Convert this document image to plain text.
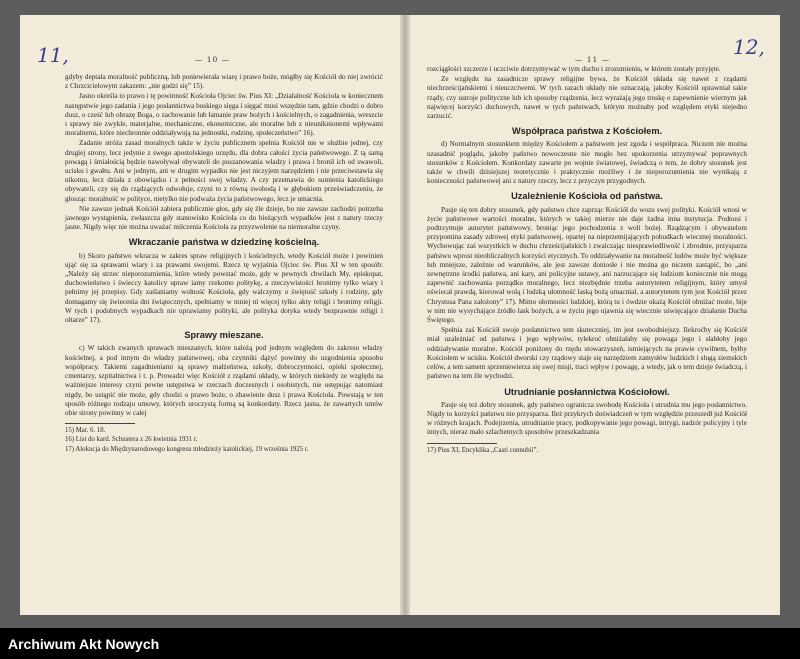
11,	— 10 —

gdyby deptała moralność publiczną, lub poniewierała wiarę i prawo boże, mógłby się Kościół do niej zwrócić z Chrzcicielowym zakazem: „nie godzi się” 15).

Jasno określa to prawo i tę powinność Kościoła Ojciec św. Pius XI: „Działalność Kościoła w koniecznem następstwie jego zadania i jego posłannictwa boskiego sięga i sięgać musi wszędzie tam, gdzie chodzi o dobro dusz, o cześć lub obrazę Boga, o zachowanie lub łamanie praw bożych i kościelnych, o zagadnienia, wreszcie i sprawy nie zwykle, materjalne, mechaniczne, ekonomiczne, ale moralne lub z nieuniknionemi wpływami moralnemi, które niechronnie oddziaływują na jednostki, rodzinę, społeczeństwo” 16).

Zadanie stróża zasad moralnych także w życiu publicznem spełnia Kościół nie w służbie jednej, czy drugiej strony, lecz jedynie z swego apostolskiego urzędu, dla dobra całości życia państwowego. Z tą samą powagą i śmiałością będzie nawoływał obywateli do poszanowania władzy i prawa i bronił ich od swawoli, ucisku i gwałtu. Ani w jednym, ani w drugim wypadku nie jest niczyjem narzędziem i nie przeciwstawia się nikomu, lecz działa z obowiązku i z pełności swej władzy. A czy przemawia do sumienia katolickiego obywateli, czy się do rządzących odwołuje, czyni to z równą swobodą i w głębokiem przeświadczeniu, że głosząc moralność w polityce, nietylko nie podważa życia państwowego, lecz je umacnia.

Nie zawsze jednak Kościół zabiera publicznie głos, gdy się źle dzieje, bo nie zawsze zachodzi potrzeba jawnego wystąpienia, zwłaszcza gdy stanowisko Kościoła co do bieżących wypadków jest z natury rzeczy jasne. Nigdy więc nie można uważać milczenia Kościoła za przyzwolenie na niemoralne czyny.

Wkraczanie państwa w dziedzinę kościelną.

b) Skoro państwo wkracza w zakres spraw religijnych i kościelnych, wtedy Kościół może i powinien ująć się za sprawami wiary i za prawami swojemi. Rzecz tę wyjaśnia Ojciec św. Pius XI w ten sposób: „Należy się strzec nieporozumienia, które wtedy powstać może, gdy w pewnych chwilach My, episkopat, duchowieństwo i świeccy katolicy upraw iamy rzekomo politykę, a rzeczywistości bronimy tylko wiary i pełnimy jej przepisy. Gdy zaślaniamy wolność Kościoła, gdy walczymy o świętość szkoły i rodziny, gdy domagamy się świecenia dni świątecznych, spełniamy w mniej ni więcej tylko akty religji i bronimy religji. W tych i podobnych wypadkach nie uprawiamy polityki, ale polityka dotyka wtedy bezprawnie religji i ołtarze” 17).

Sprawy mieszane.

c) W takich zwanych sprawach mieszanych, które należą pod jednym względem do zakresu władzy kościelnej, a pod innym do władzy państwowej, oba czynniki dążyć powinny do uzgodnienia sposobu współpracy. Takiemi zagadnieniami są sprawy małżeństwa, szkoły, dobroczynności, opieki społecznej, cmentarzy, szpitalnictwa i t. p. Prowadzi więc Kościół z rządami układy, w których niekiedy ze względu na ważniejsze interesy czyni pewne ustępstwa w rzeczach doczesnych i osobistych, nie ustępując natomiast nigdy, bo ustąpić nie może, gdy chodzi o prawo boże, o zbawienie dusz i prawa Kościoła. Powstają w ten sposób różnego rodzaju umowy, których uroczystą formą są konkordaty. Rzecz jasna, że zawartych umów obie strony powinny w całej

15) Mar. 6. 18.

16) List do kard. Schustera z 26 kwietnia 1931 r.

17) Alokucja do Międzynarodowego kongresu młodzieży katolickiej, 19 września 1925 r.

12,
— 11 —

rozciągłości szczerze i uczciwie dotrzymywać w tym duchu i zrozumieniu, w którem zostały przyjęte.

Ze względu na zasadnicze sprawy religijne bywa, że Kościół układa się nawet z rządami niechrześcijańskiemi i nieuczciwemi. W tych razach układy nie oznaczają, jakoby Kościół uprawniał takie rządy, czy ustroje polityczne lub ich sposoby rządzenia, lecz wyrażają jego troskę o zapewnienie wiernym jak najwięcej korzyści duchowych, nawet w tych państwach, którym możnaby pod względem etyki niejedno zarzucić.

Współpraca państwa z Kościołem.

d) Normalnym stosunkiem między Kościołem a państwem jest zgoda i współpraca. Niczem nie można uzasadnić poglądu, jakoby państwo nowoczesne nie mogło bez upokorzenia utrzymywać poprawnych stosunków z Kościołem. Konkordaty zawarte po wojnie światowej, świadczą o tem, że dobry stosunek jest także w chwili dzisiejszej teoretycznie i praktycznie możliwy i że nieporozumienia nie wynikają z konieczności państwowej ani z natury rzeczy, lecz z przyczyn przygodnych.

Uzależnienie Kościoła od państwa.

Pauje się ten dobry stosunek, gdy państwo chce zaprząc Kościół do wozu swej polityki. Kościół wnosi w życie państwowe wartości moralne, których w takiej mierze nie daje żadna inna instytucja. Podnosi i podtrzymuje autorytet państwowy, broniąc jego pochodzenia z woli bożej. Rządzącym i obywatelom przypomina zasady zdrowej etyki państwowej, opartej na nieprzemijających pobudkach wiecznej moralności. Wychowując zaś wszystkich w duchu chrześcijańskich i zwalczając niesprawiedliwość i zbrodnie, przysparza państwu wprost nieobliczalnych korzyści etycznych. To oddziaływanie na moralność ludów może być większe lub mniejsze, zależnie od warunków, ale jest zawsze doniosłe i nie można go niczem zastąpić, bo „ani zewnętrzne środki państwa, ani kary, ani policyjne ustawy, ani narzucające się ludziom koniecznie nie mogą zapewnić zachowania porządku moralnego, lecz niezbędnie trzeba autorytetem religijnym, który umysł oświecał prawdą, kierował wolą i ludzką ułomność łaską bożą umacniał, a autorytetem tym jest Kościół przez Chrystusa Pana założony” 17). Mimo ułomności ludzkiej, którą tu i ówdzie ukażą Kościół obniżać może, bije w nim nie wysychające źródło łask bożych, a w życiu jego ujawnia się wiecznie uświęcające działanie Ducha Świętego.

Spełnia zaś Kościół swoje posłannictwo tem skuteczniej, im jest swobodniejszy. Ilekroćby się Kościół miał uzależniać od państwa i jego wpływów, tylekroć obniżałaby się powaga jego i słabłoby jego oddziaływanie moralne. Kościół poniżony do rzędu stowarzyszeń, istniejących na prawie cywilnem, byłby Kościołem w ucisku. Kościół dworski czy rządowy staje się narzędziem zamysłów ludzkich i sługą ziemskich celów, a tem samem sprzeniewierza się swej misji, traci wpływ i powagę, a wtedy, jak o tem dzieje świadczą, i państwo na tem źle wychodzi.

Utrudnianie posłannictwa Kościołowi.

Pauje się też dobry stosunek, gdy państwo ogranicza swobodę Kościoła i utrudnia mu jego posłannictwo. Nigdy to korzyści państwu nie przysparza. Ileż przykrych doświadczeń w tym względzie przeszedł już Kościół w różnych krajach. Podejrzenia, utrudnianie pracy, podkopywanie jego powagi, intrygi, nadzór policyjny i tyle innych, nieraz mało szlachetnych sposobów przeszkadzania

17) Pius XI, Encyklika „Casti connubii”.

Archiwum Akt Nowych
